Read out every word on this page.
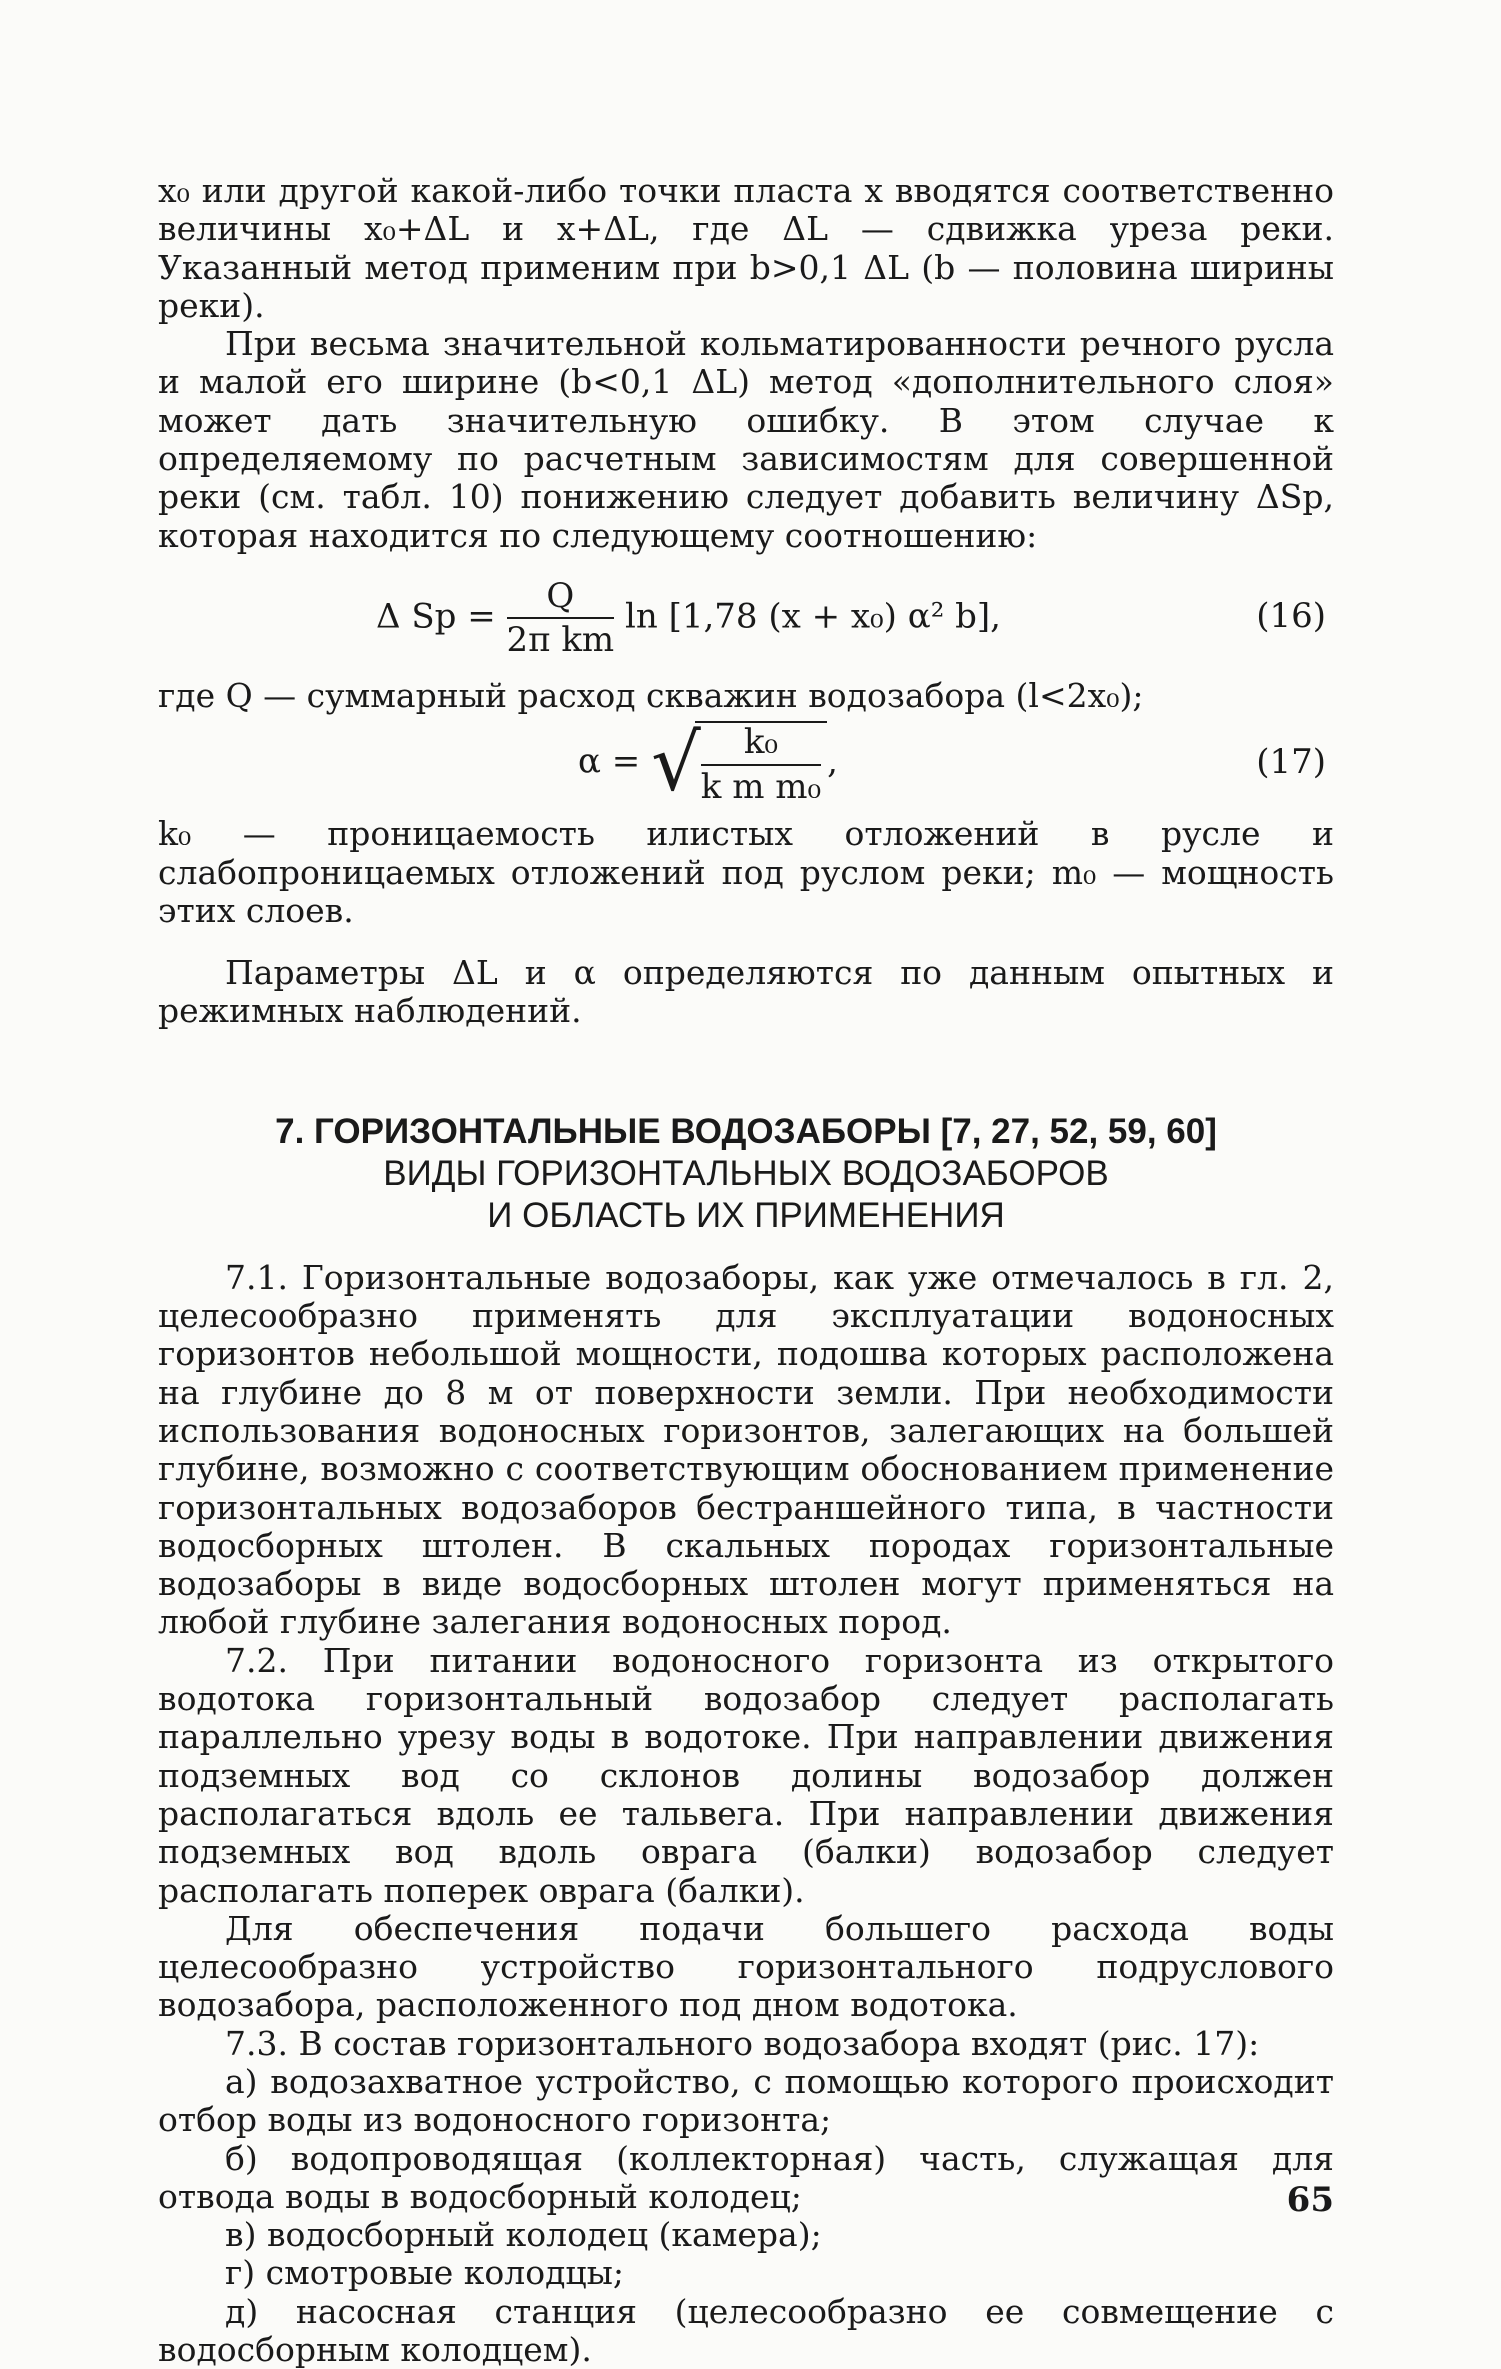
x₀ или другой какой-либо точки пласта x вводятся соответственно величины x₀+ΔL и x+ΔL, где ΔL — сдвижка уреза реки. Указанный метод применим при b>0,1 ΔL (b — половина ширины реки).

При весьма значительной кольматированности речного русла и малой его ширине (b<0,1 ΔL) метод «дополнительного слоя» может дать значительную ошибку. В этом случае к определяемому по расчетным зависимостям для совершенной реки (см. табл. 10) понижению следует добавить величину ΔSр, которая находится по следующему соотношению:

Δ Sр = $\frac{Q}{\text{2π km}}$ ln [1,78 (x + x₀) α² b],	(16)

где Q — суммарный расход скважин водозабора (l<2x₀);

α = √ $\frac{\text{k₀}}{\text{k m m₀}}$ ,	(17)

k₀ — проницаемость илистых отложений в русле и слабопроницаемых отложений под руслом реки; m₀ — мощность этих слоев.

Параметры ΔL и α определяются по данным опытных и режимных наблюдений.

7. ГОРИЗОНТАЛЬНЫЕ ВОДОЗАБОРЫ [7, 27, 52, 59, 60]
ВИДЫ ГОРИЗОНТАЛЬНЫХ ВОДОЗАБОРОВ
И ОБЛАСТЬ ИХ ПРИМЕНЕНИЯ

7.1. Горизонтальные водозаборы, как уже отмечалось в гл. 2, целесообразно применять для эксплуатации водоносных горизонтов небольшой мощности, подошва которых расположена на глубине до 8 м от поверхности земли. При необходимости использования водоносных горизонтов, залегающих на большей глубине, возможно с соответствующим обоснованием применение горизонтальных водозаборов бестраншейного типа, в частности водосборных штолен. В скальных породах горизонтальные водозаборы в виде водосборных штолен могут применяться на любой глубине залегания водоносных пород.

7.2. При питании водоносного горизонта из открытого водотока горизонтальный водозабор следует располагать параллельно урезу воды в водотоке. При направлении движения подземных вод со склонов долины водозабор должен располагаться вдоль ее тальвега. При направлении движения подземных вод вдоль оврага (балки) водозабор следует располагать поперек оврага (балки).

Для обеспечения подачи большего расхода воды целесообразно устройство горизонтального подруслового водозабора, расположенного под дном водотока.

7.3. В состав горизонтального водозабора входят (рис. 17):

а) водозахватное устройство, с помощью которого происходит отбор воды из водоносного горизонта;

б) водопроводящая (коллекторная) часть, служащая для отвода воды в водосборный колодец;

в) водосборный колодец (камера);

г) смотровые колодцы;

д) насосная станция (целесообразно ее совмещение с водосборным колодцем).

65
